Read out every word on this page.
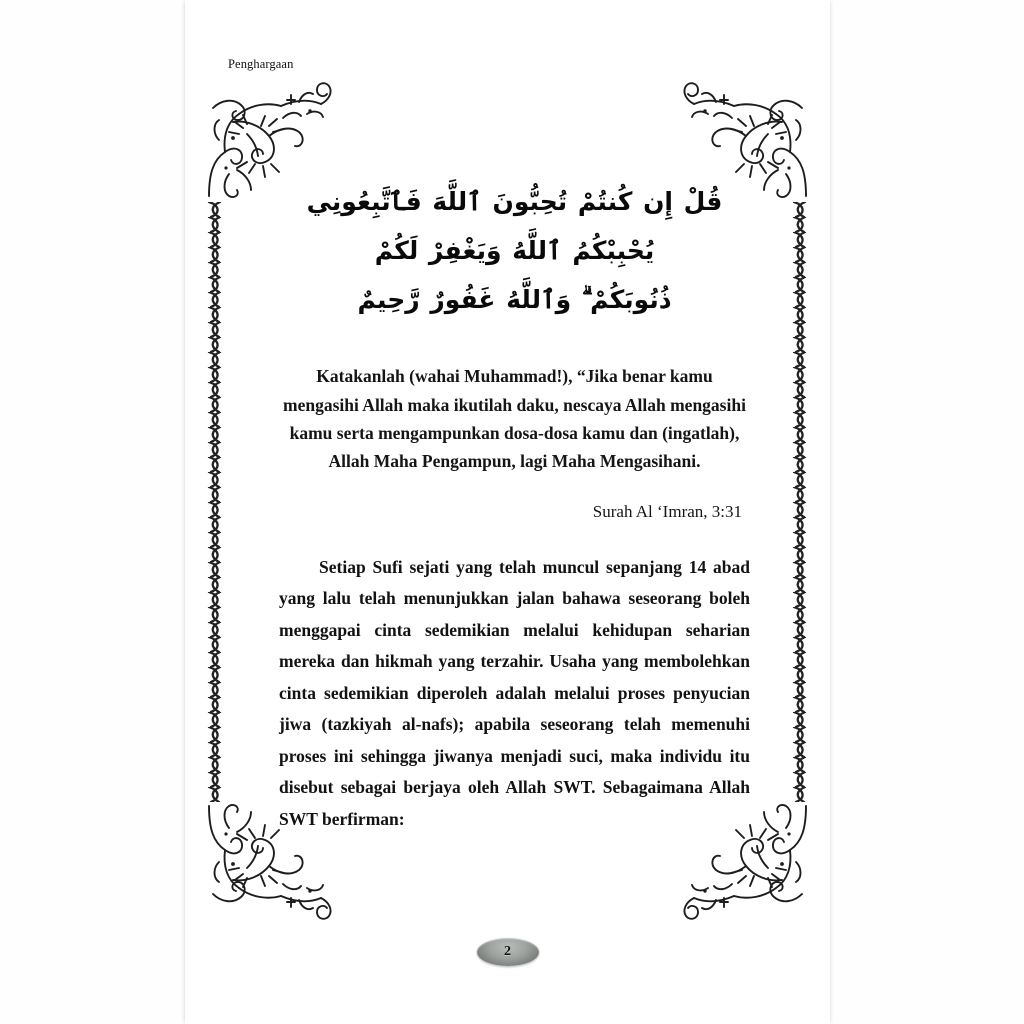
Penghargaan
قُلْ إِن كُنتُمْ تُحِبُّونَ ٱللَّهَ فَٱتَّبِعُونِي يُحْبِبْكُمُ ٱللَّهُ وَيَغْفِرْ لَكُمْ
ذُنُوبَكُمْ ۗ وَٱللَّهُ غَفُورٌ رَّحِيمٌ
Katakanlah (wahai Muhammad!), “Jika benar kamu mengasihi Allah maka ikutilah daku, nescaya Allah mengasihi kamu serta mengampunkan dosa-dosa kamu dan (ingatlah), Allah Maha Pengampun, lagi Maha Mengasihani.
Surah Al ‘Imran, 3:31
Setiap Sufi sejati yang telah muncul sepanjang 14 abad yang lalu telah menunjukkan jalan bahawa seseorang boleh menggapai cinta sedemikian melalui kehidupan seharian mereka dan hikmah yang terzahir. Usaha yang membolehkan cinta sedemikian diperoleh adalah melalui proses penyucian jiwa (tazkiyah al-nafs); apabila seseorang telah memenuhi proses ini sehingga jiwanya menjadi suci, maka individu itu disebut sebagai berjaya oleh Allah SWT. Sebagaimana Allah SWT berfirman:
2
